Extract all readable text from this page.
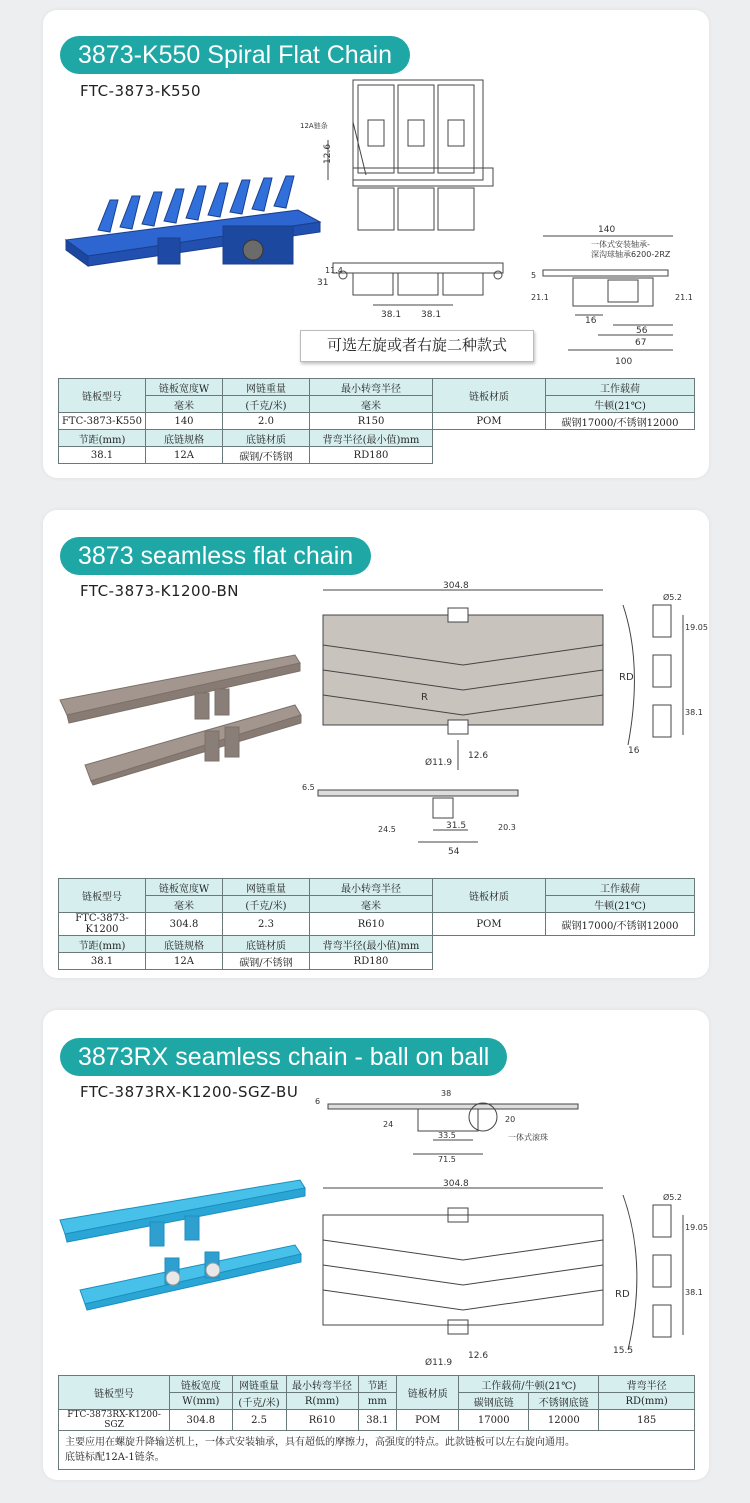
3873-K550 Spiral Flat Chain
FTC-3873-K550
12A链条
12.6
31
11.4
38.1 38.1
140
一体式安装轴承-
深沟球轴承6200-2RZ
5
21.1	21.1
16
56
67
100
可选左旋或者右旋二种款式
链板型号	链板宽度W	网链重量	最小转弯半径	链板材质	工作载荷
	毫米	(千克/米)	毫米		牛顿(21℃)
FTC-3873-K550	140	2.0	R150	POM	碳钢17000/不锈钢12000
节距(mm)	底链规格	底链材质	背弯半径(最小值)mm		
38.1	12A	碳钢/不锈钢	RD180		
3873 seamless flat chain
FTC-3873-K1200-BN	304.8
R
Ø11.9
12.6
6.5
24.5	31.5
54
20.3
Ø5.2
19.05
RD
38.1
16
链板型号	链板宽度W	网链重量	最小转弯半径	链板材质	工作载荷
	毫米	(千克/米)	毫米		牛顿(21℃)
FTC-3873-K1200	304.8	2.3	R610	POM	碳钢17000/不锈钢12000
节距(mm)	底链规格	底链材质	背弯半径(最小值)mm		
38.1	12A	碳钢/不锈钢	RD180		
3873RX seamless chain - ball on ball
FTC-3873RX-K1200-SGZ-BU
6
38
24
20
33.5	一体式滚珠
71.5
304.8
Ø11.9
12.6
Ø5.2
19.05
RD	38.1
15.5
链板型号	链板宽度	网链重量	最小转弯半径	节距	链板材质	工作载荷/牛顿(21℃)		背弯半径
	W(mm)	(千克/米)	R(mm)	mm		碳钢底链	不锈钢底链	RD(mm)
FTC-3873RX-K1200-SGZ	304.8	2.5	R610	38.1	POM	17000	12000	185

主要应用在螺旋升降输送机上，一体式安装轴承，具有超低的摩擦力，高强度的特点。此款链板可以左右旋向通用。
底链标配12A-1链条。								
